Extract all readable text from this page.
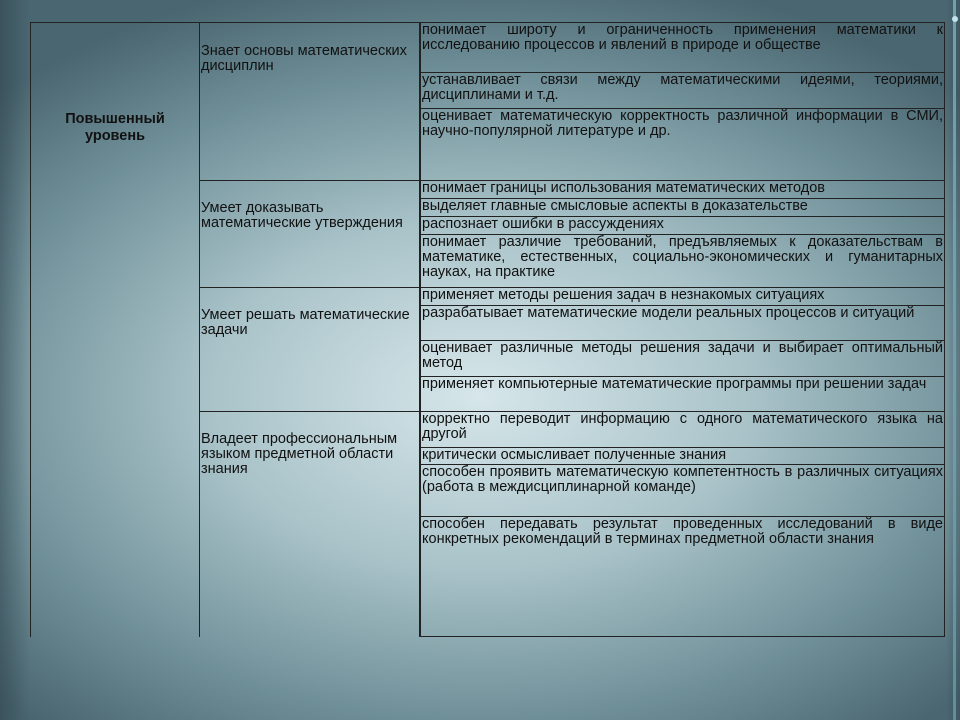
Повышенный уровень
Знает основы математических дисциплин
Умеет доказывать математические утверждения
Умеет решать математические задачи
Владеет профессиональным языком предметной области знания
понимает широту и ограниченность применения математики к исследованию процессов и явлений в природе и обществе
устанавливает связи между математическими идеями, теориями, дисциплинами и т.д.
оценивает математическую корректность различной информации в СМИ, научно-популярной литературе и др.
понимает границы использования математических методов
выделяет главные смысловые аспекты в доказательстве
распознает ошибки в рассуждениях
понимает различие требований, предъявляемых к доказательствам в математике, естественных, социально-экономических и гуманитарных науках, на практике
применяет методы решения задач в незнакомых ситуациях
разрабатывает математические модели реальных процессов и ситуаций
оценивает различные методы решения задачи и выбирает оптимальный метод
применяет компьютерные математические программы при решении задач
корректно переводит информацию с одного математического языка на другой
критически осмысливает полученные знания
способен проявить математическую компетентность в различных ситуациях (работа в междисциплинарной команде)
способен передавать результат проведенных исследований в виде конкретных рекомендаций в терминах предметной области знания
